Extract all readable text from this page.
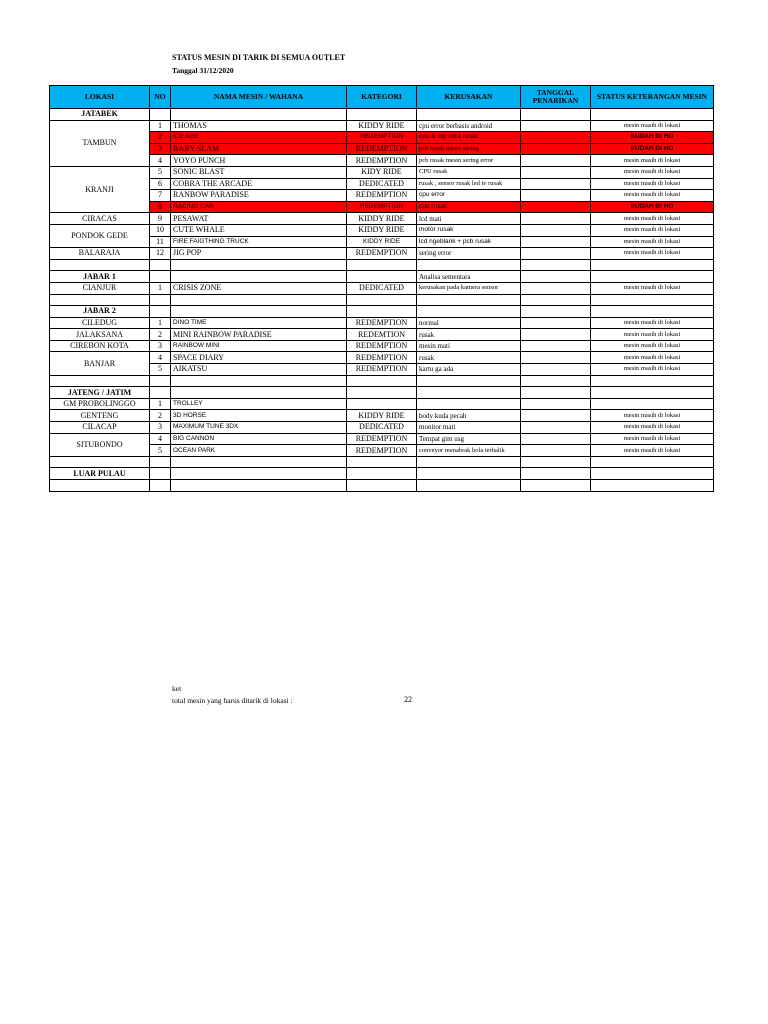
STATUS MESIN DI TARIK DI SEMUA OUTLET
Tanggal 31/12/2020
LOKASI	NO	NAMA MESIN / WAHANA	KATEGORI	KERUSAKAN	TANGGAL PENARIKAN	STATUS KETERANGAN MESIN
JATABEK						
TAMBUN	1	THOMAS	KIDDY RIDE	cpu error berbasis android		mesin masih di lokasi
	2	ICE AGE	REDEMPTION	cpu & mp ultra rusak		SUDAH DI HO
	3	BABY SLAM	REDEMPTION	pcb rusak mesin sering		SUDAH DI HO
	4	YOYO PUNCH	REDEMPTION	pcb rusak mesin sering error		mesin masih di lokasi
KRANJI	5	SONIC BLAST	KIDY RIDE	CPU rusak		mesin masih di lokasi
	6	COBRA THE ARCADE	DEDICATED	rusak , sensor rusak led tv rusak		mesin masih di lokasi
	7	RANBOW PARADISE	REDEMPTION	cpu error		mesin masih di lokasi
	8	RACING CAR	REDEMPTION	cpu rusak		SUDAH DI HO
CIRACAS	9	PESAWAT	KIDDY RIDE	lcd mati		mesin masih di lokasi
PONDOK GEDE	10	CUTE WHALE	KIDDY RIDE	motor rusak		mesin masih di lokasi
	11	FIRE FAIGTHING TRUCK	KIDDY RIDE	lcd ngeblank + pcb rusak		mesin masih di lokasi
BALARAJA	12	JIG POP	REDEMPTION	sering error		mesin masih di lokasi

JABAR 1				Analisa sementara		
CIANJUR	1	CRISIS ZONE	DEDICATED	kerusakan pada kamera sensor		mesin masih di lokasi

JABAR 2						
CILEDUG	1	DINO TIME	REDEMPTION	normal		mesin masih di lokasi
JALAKSANA	2	MINI RAINBOW PARADISE	REDEMTION	rusak		mesin masih di lokasi
CIREBON KOTA	3	RAINBOW MINI	REDEMPTION	mesin mati		mesin masih di lokasi
BANJAR	4	SPACE DIARY	REDEMPTION	rusak		mesin masih di lokasi
	5	AIKATSU	REDEMPTION	kartu ga ada		mesin masih di lokasi

JATENG / JATIM						
GM PROBOLINGGO	1	TROLLEY				
GENTENG	2	3D HORSE	KIDDY RIDE	body kuda pecah		mesin masih di lokasi
CILACAP	3	MAXIMUM TUNE 3DX	DEDICATED	monitor mati		mesin masih di lokasi
SITUBONDO	4	BIG CANNON	REDEMPTION	Tempat gim usg		mesin masih di lokasi
	5	OCEAN PARK	REDEMPTION	conveyor menabrak bola terbalik		mesin masih di lokasi

LUAR PULAU						

ket
total mesin yang harus ditarik di lokasi :	22
